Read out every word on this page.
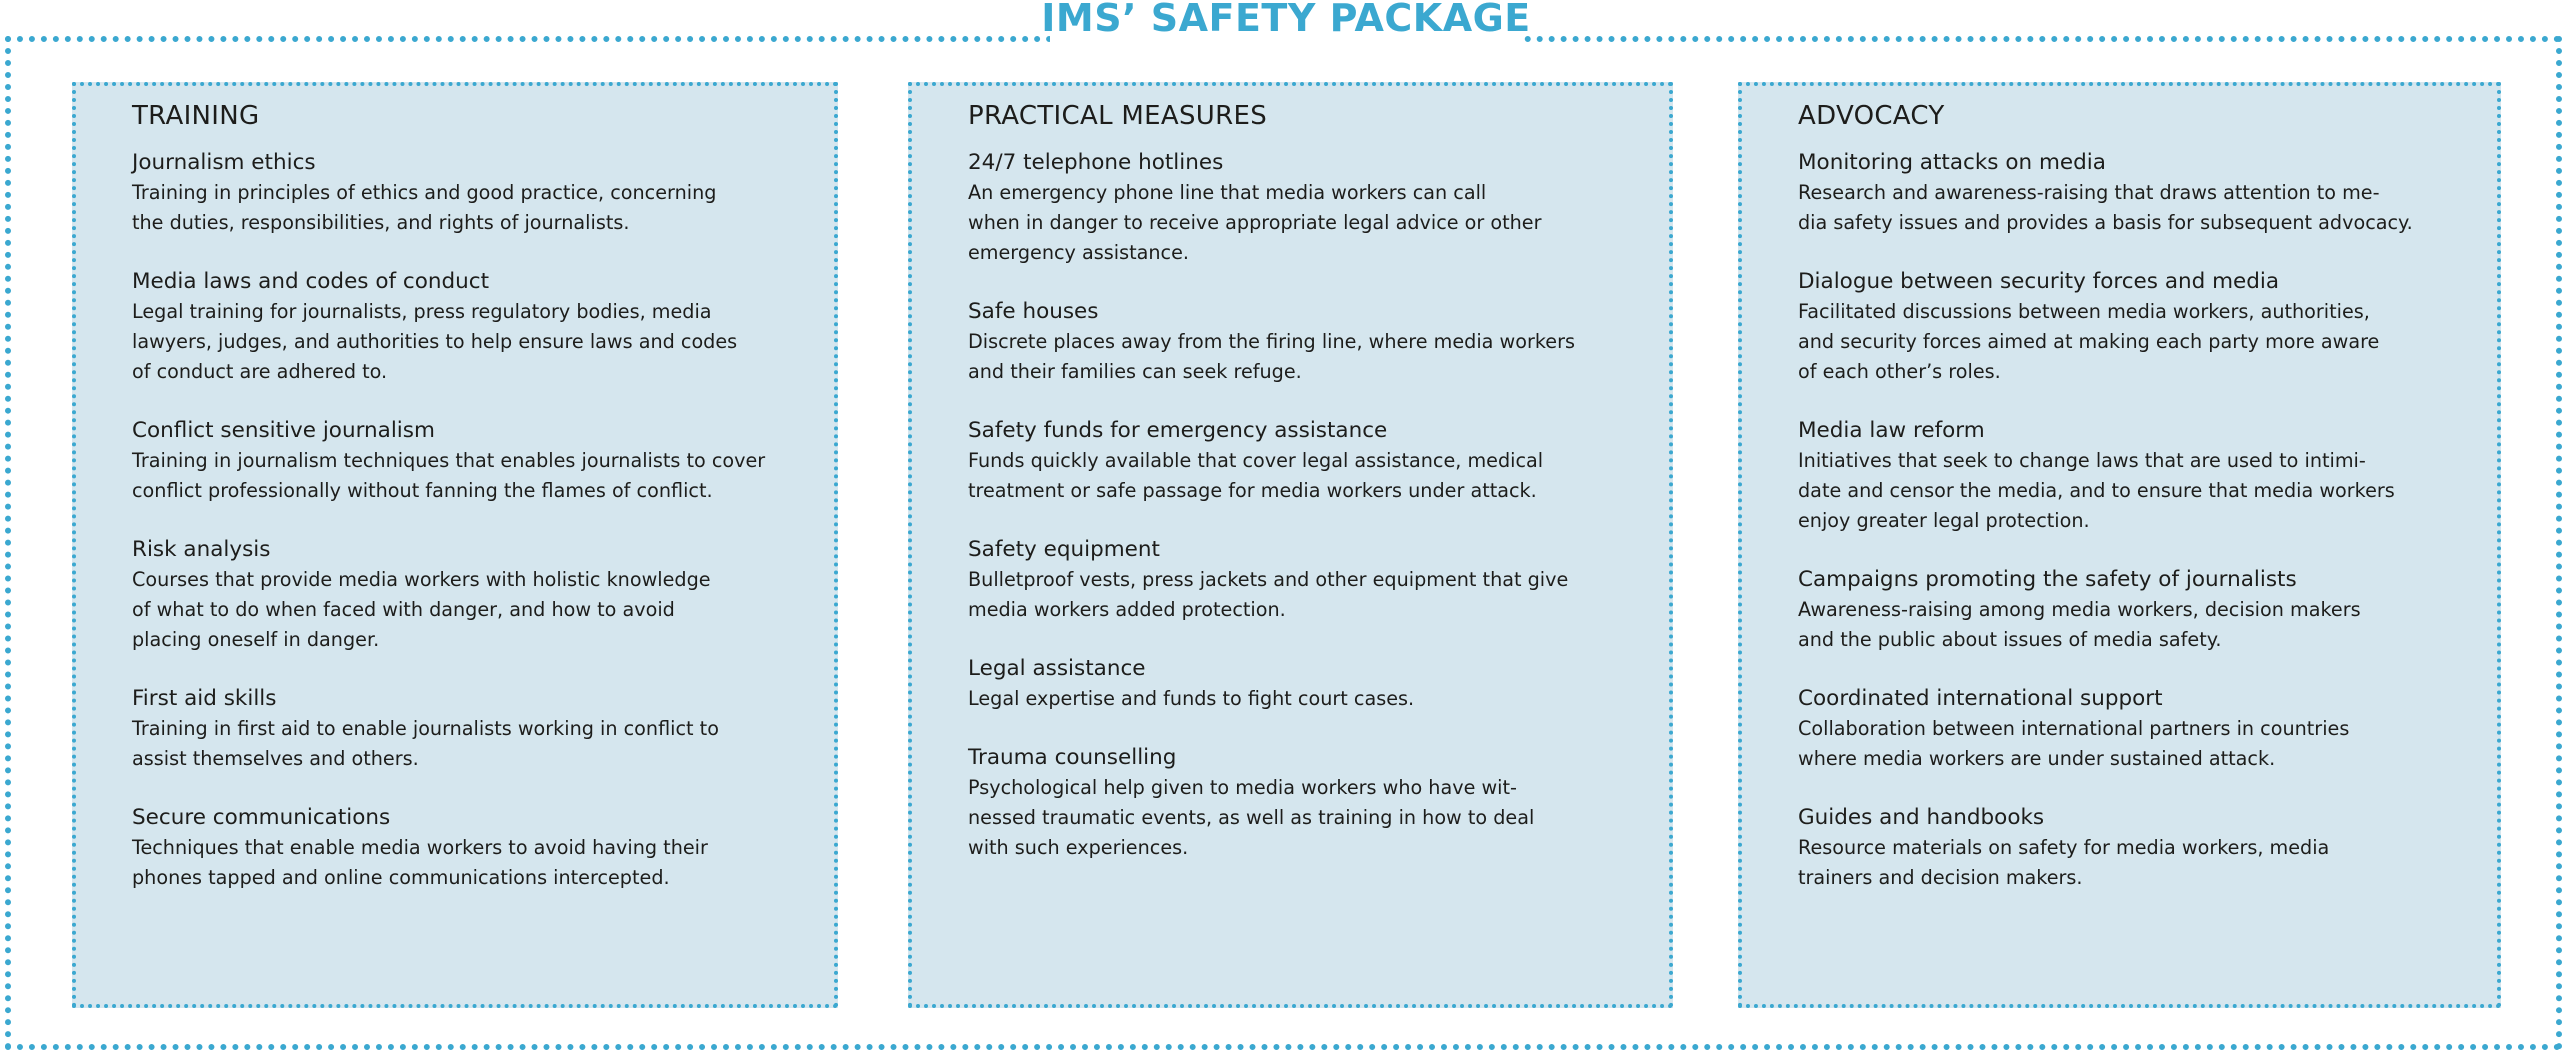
IMS’ SAFETY PACKAGE
TRAINING

Journalism ethics

Training in principles of ethics and good practice, concerning
the duties, responsibilities, and rights of journalists.

Media laws and codes of conduct

Legal training for journalists, press regulatory bodies, media
lawyers, judges, and authorities to help ensure laws and codes
of conduct are adhered to.

Conflict sensitive journalism

Training in journalism techniques that enables journalists to cover
conflict professionally without fanning the flames of conflict.

Risk analysis

Courses that provide media workers with holistic knowledge
of what to do when faced with danger, and how to avoid
placing oneself in danger.

First aid skills

Training in first aid to enable journalists working in conflict to
assist themselves and others.

Secure communications

Techniques that enable media workers to avoid having their
phones tapped and online communications intercepted.

PRACTICAL MEASURES

24/7 telephone hotlines

An emergency phone line that media workers can call
when in danger to receive appropriate legal advice or other
emergency assistance.

Safe houses

Discrete places away from the firing line, where media workers
and their families can seek refuge.

Safety funds for emergency assistance

Funds quickly available that cover legal assistance, medical
treatment or safe passage for media workers under attack.

Safety equipment

Bulletproof vests, press jackets and other equipment that give
media workers added protection.

Legal assistance

Legal expertise and funds to fight court cases.

Trauma counselling

Psychological help given to media workers who have wit-
nessed traumatic events, as well as training in how to deal
with such experiences.

ADVOCACY

Monitoring attacks on media

Research and awareness-raising that draws attention to me-
dia safety issues and provides a basis for subsequent advocacy.

Dialogue between security forces and media

Facilitated discussions between media workers, authorities,
and security forces aimed at making each party more aware
of each other’s roles.

Media law reform

Initiatives that seek to change laws that are used to intimi-
date and censor the media, and to ensure that media workers
enjoy greater legal protection.

Campaigns promoting the safety of journalists

Awareness-raising among media workers, decision makers
and the public about issues of media safety.

Coordinated international support

Collaboration between international partners in countries
where media workers are under sustained attack.

Guides and handbooks

Resource materials on safety for media workers, media
trainers and decision makers.
